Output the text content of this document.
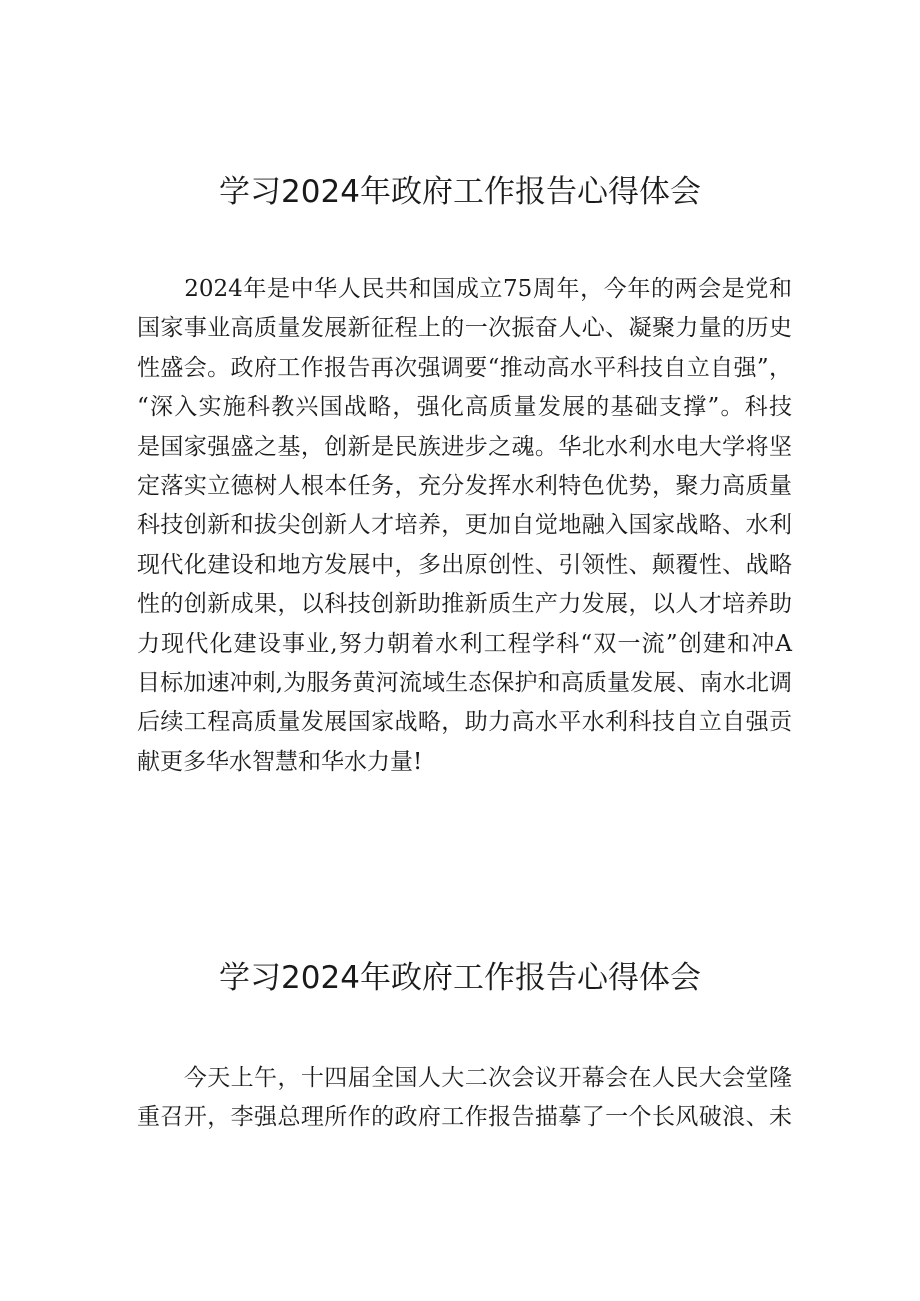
学习2024年政府工作报告心得体会
　　2024年是中华人民共和国成立75周年，今年的两会是党和
国家事业高质量发展新征程上的一次振奋人心、凝聚力量的历史
性盛会。政府工作报告再次强调要“推动高水平科技自立自强”，
“深入实施科教兴国战略，强化高质量发展的基础支撑”。科技
是国家强盛之基，创新是民族进步之魂。华北水利水电大学将坚
定落实立德树人根本任务，充分发挥水利特色优势，聚力高质量
科技创新和拔尖创新人才培养，更加自觉地融入国家战略、水利
现代化建设和地方发展中，多出原创性、引领性、颠覆性、战略
性的创新成果，以科技创新助推新质生产力发展，以人才培养助
力现代化建设事业,努力朝着水利工程学科“双一流”创建和冲A
目标加速冲刺,为服务黄河流域生态保护和高质量发展、南水北调
后续工程高质量发展国家战略，助力高水平水利科技自立自强贡
献更多华水智慧和华水力量!
学习2024年政府工作报告心得体会
　　今天上午，十四届全国人大二次会议开幕会在人民大会堂隆
重召开，李强总理所作的政府工作报告描摹了一个长风破浪、未
